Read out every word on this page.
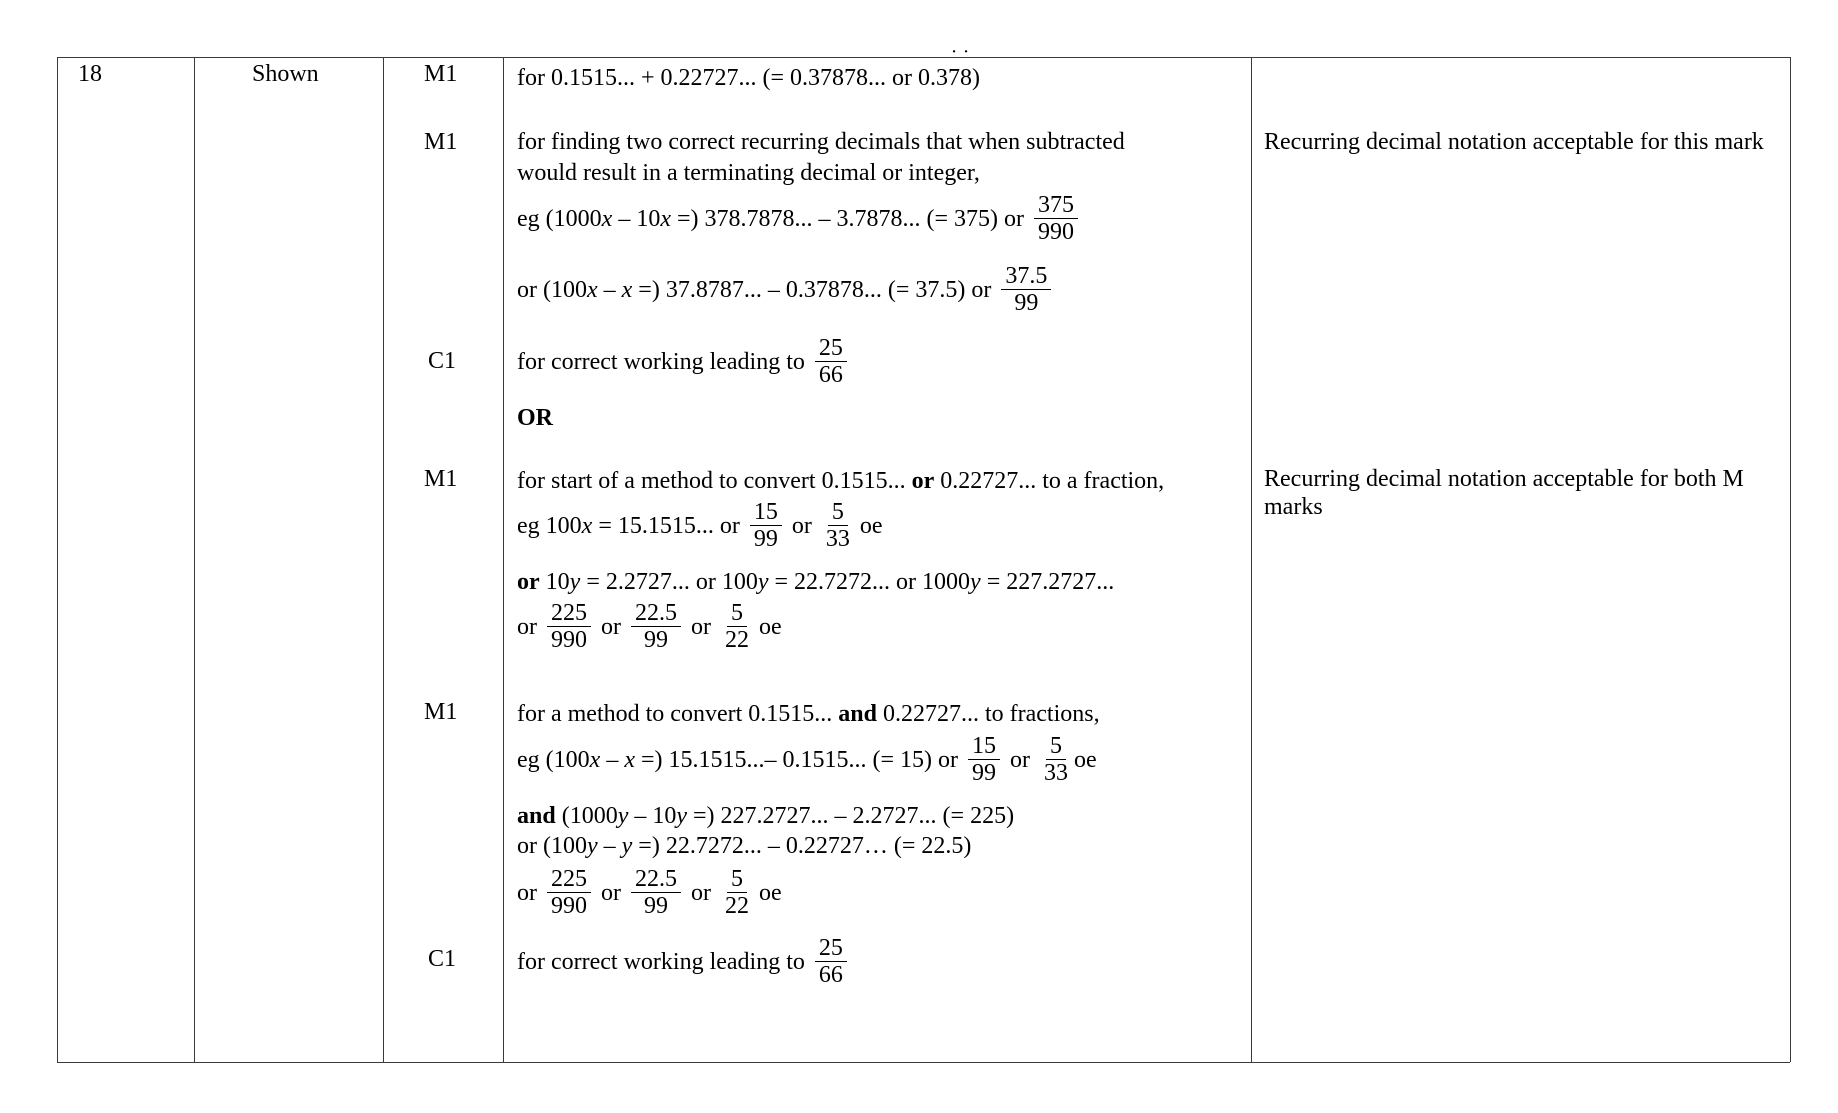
18	Shown	M1
M1
C1
M1
M1
C1
Recurring decimal notation acceptable for this mark
Recurring decimal notation acceptable for both M marks
for 0.1515... + 0.22727... (= 0.37878... or 0.3 7 ˙ 8 ˙ )
for finding two correct recurring decimals that when subtracted
would result in a terminating decimal or integer,
eg (1000 x – 10 x =) 378.7878... – 3.7878... (= 375) or $\frac{375}{990}$
or (100 x – x =) 37.8787... – 0.37878... (= 37.5) or $\frac{37.5}{99}$
for correct working leading to $\frac{25}{66}$
OR
for start of a method to convert 0.1515... or 0.22727... to a fraction,
eg 100 x = 15.1515... or $\frac{15}{99}$ or $\frac{5}{33}$ oe
or 10 y = 2.2727... or 100 y = 22.7272... or 1000 y = 227.2727...
or $\frac{225}{990}$ or $\frac{22.5}{99}$ or $\frac{5}{22}$ oe
for a method to convert 0.1515... and 0.22727... to fractions,
eg (100 x – x =) 15.1515...– 0.1515... (= 15) or $\frac{15}{99}$ or $\frac{5}{33}$ oe
and (1000 y – 10 y =) 227.2727... – 2.2727... (= 225)
or (100 y – y =) 22.7272... – 0.22727… (= 22.5)
or $\frac{225}{990}$ or $\frac{22.5}{99}$ or $\frac{5}{22}$ oe
for correct working leading to $\frac{25}{66}$
